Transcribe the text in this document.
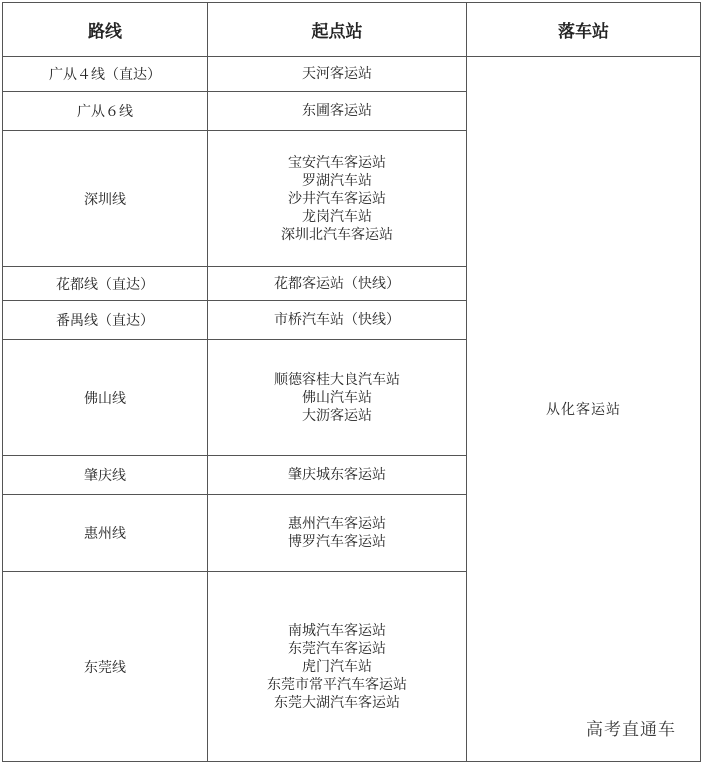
路线	起点站	落车站
广从４线（直达）	天河客运站	从化客运站
广从６线	东圃客运站	

深圳线	宝安汽车客运站
罗湖汽车站
沙井汽车客运站
龙岗汽车站
深圳北汽车客运站	

花都线（直达）	花都客运站（快线）	

番禺线（直达）	市桥汽车站（快线）	

佛山线	顺德容桂大良汽车站
佛山汽车站
大沥客运站	

肇庆线	肇庆城东客运站	

惠州线	惠州汽车客运站
博罗汽车客运站	

东莞线	南城汽车客运站
东莞汽车客运站
虎门汽车站
东莞市常平汽车客运站
东莞大湖汽车客运站	
高考直通车
